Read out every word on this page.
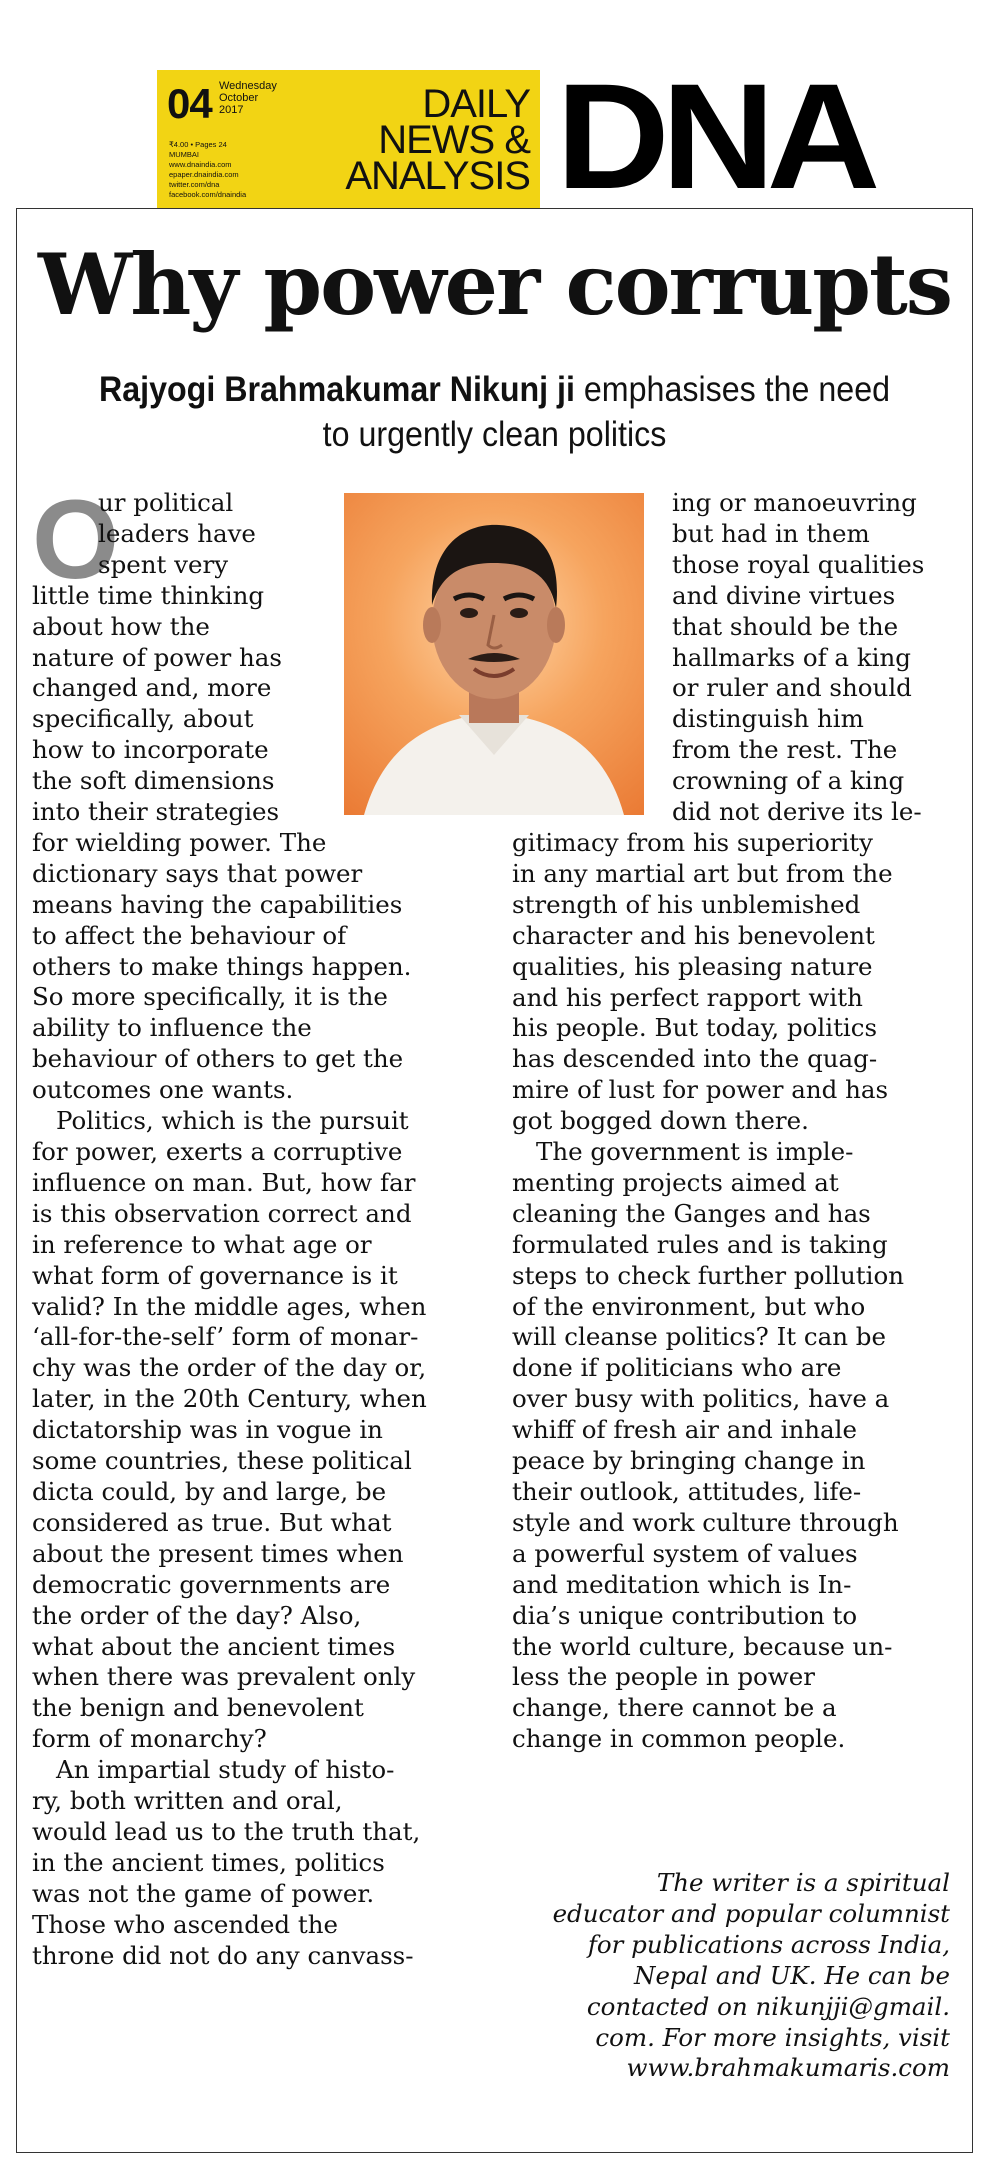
04 Wednesday
October
2017
₹4.00 • Pages 24
MUMBAI
www.dnaindia.com
epaper.dnaindia.com
twitter.com/dna
facebook.com/dnaindia
DAILY
NEWS &
ANALYSIS DNA
Why power corrupts
Rajyogi Brahmakumar Nikunj ji emphasises the need
to urgently clean politics
O
ur political
leaders have
spent very
little time thinking
about how the
nature of power has
changed and, more
specifically, about
how to incorporate
the soft dimensions
into their strategies
for wielding power. The
dictionary says that power
means having the capabilities
to affect the behaviour of
others to make things happen.
So more specifically, it is the
ability to influence the
behaviour of others to get the
outcomes one wants.
Politics, which is the pursuit
for power, exerts a corruptive
influence on man. But, how far
is this observation correct and
in reference to what age or
what form of governance is it
valid? In the middle ages, when
‘all-for-the-self’ form of monar-
chy was the order of the day or,
later, in the 20th Century, when
dictatorship was in vogue in
some countries, these political
dicta could, by and large, be
considered as true. But what
about the present times when
democratic governments are
the order of the day? Also,
what about the ancient times
when there was prevalent only
the benign and benevolent
form of monarchy?
An impartial study of histo-
ry, both written and oral,
would lead us to the truth that,
in the ancient times, politics
was not the game of power.
Those who ascended the
throne did not do any canvass-
ing or manoeuvring
but had in them
those royal qualities
and divine virtues
that should be the
hallmarks of a king
or ruler and should
distinguish him
from the rest. The
crowning of a king
did not derive its le-
gitimacy from his superiority
in any martial art but from the
strength of his unblemished
character and his benevolent
qualities, his pleasing nature
and his perfect rapport with
his people. But today, politics
has descended into the quag-
mire of lust for power and has
got bogged down there.
The government is imple-
menting projects aimed at
cleaning the Ganges and has
formulated rules and is taking
steps to check further pollution
of the environment, but who
will cleanse politics? It can be
done if politicians who are
over busy with politics, have a
whiff of fresh air and inhale
peace by bringing change in
their outlook, attitudes, life-
style and work culture through
a powerful system of values
and meditation which is In-
dia’s unique contribution to
the world culture, because un-
less the people in power
change, there cannot be a
change in common people.
The writer is a spiritual
educator and popular columnist
for publications across India,
Nepal and UK. He can be
contacted on nikunjji@gmail.
com. For more insights, visit
www.brahmakumaris.com
